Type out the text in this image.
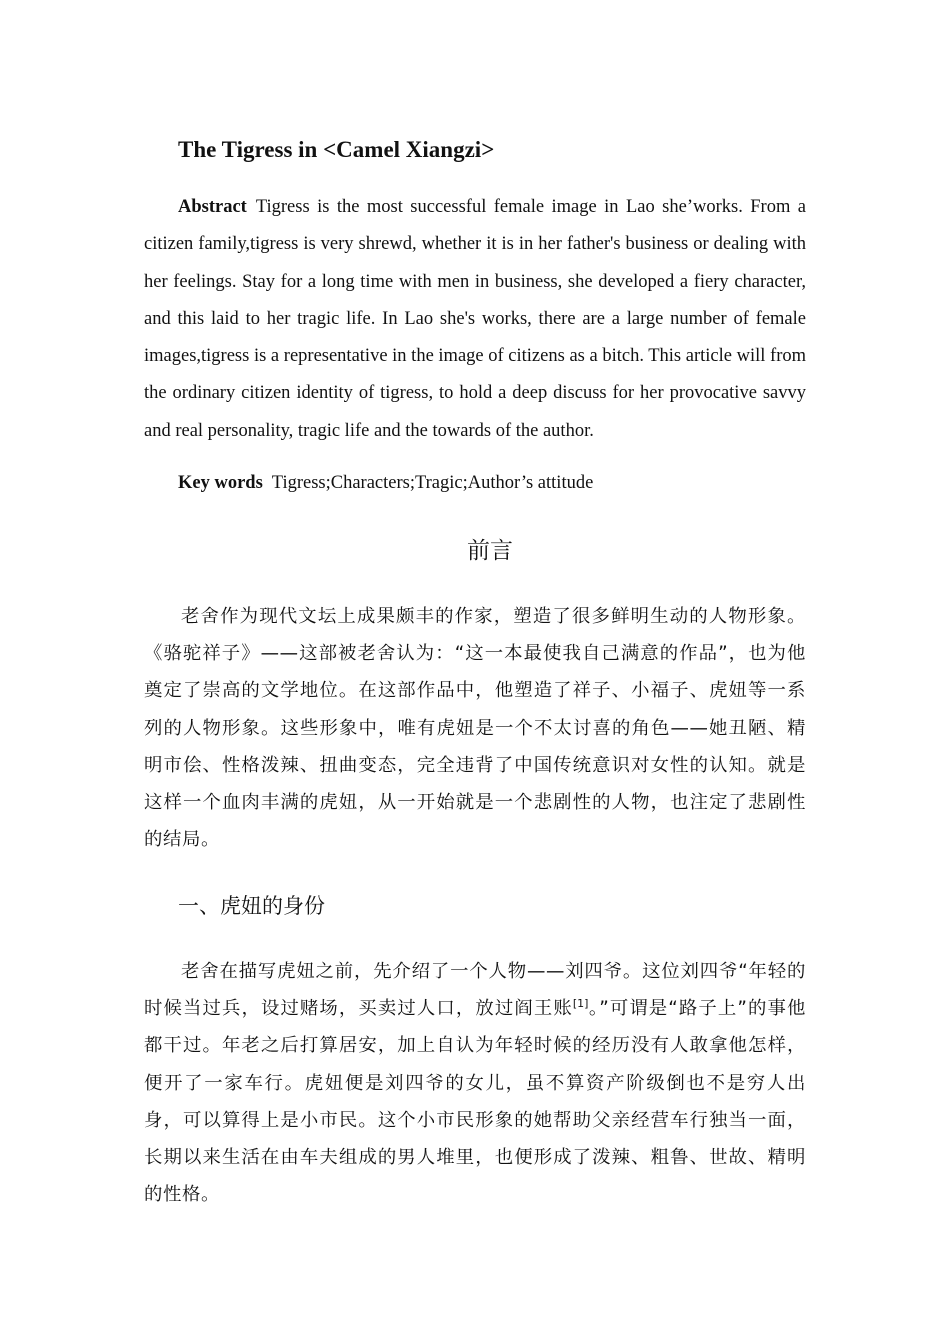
The Tigress in <Camel Xiangzi>

Abstract Tigress is the most successful female image in Lao she’works. From a citizen family,tigress is very shrewd, whether it is in her father's business or dealing with her feelings. Stay for a long time with men in business, she developed a fiery character, and this laid to her tragic life. In Lao she's works, there are a large number of female images,tigress is a representative in the image of citizens as a bitch. This article will from the ordinary citizen identity of tigress, to hold a deep discuss for her provocative savvy and real personality, tragic life and the towards of the author.

Key words Tigress;Characters;Tragic;Author’s attitude

前言

老舍作为现代文坛上成果颇丰的作家，塑造了很多鲜明生动的人物形象。《骆驼祥子》——这部被老舍认为：“这一本最使我自己满意的作品”，也为他奠定了崇高的文学地位。在这部作品中，他塑造了祥子、小福子、虎妞等一系列的人物形象。这些形象中，唯有虎妞是一个不太讨喜的角色——她丑陋、精明市侩、性格泼辣、扭曲变态，完全违背了中国传统意识对女性的认知。就是这样一个血肉丰满的虎妞，从一开始就是一个悲剧性的人物，也注定了悲剧性的结局。

一、虎妞的身份

老舍在描写虎妞之前，先介绍了一个人物——刘四爷。这位刘四爷“年轻的时候当过兵，设过赌场，买卖过人口，放过阎王账[1]。”可谓是“路子上”的事他都干过。年老之后打算居安，加上自认为年轻时候的经历没有人敢拿他怎样，便开了一家车行。虎妞便是刘四爷的女儿，虽不算资产阶级倒也不是穷人出身，可以算得上是小市民。这个小市民形象的她帮助父亲经营车行独当一面，长期以来生活在由车夫组成的男人堆里，也便形成了泼辣、粗鲁、世故、精明的性格。
